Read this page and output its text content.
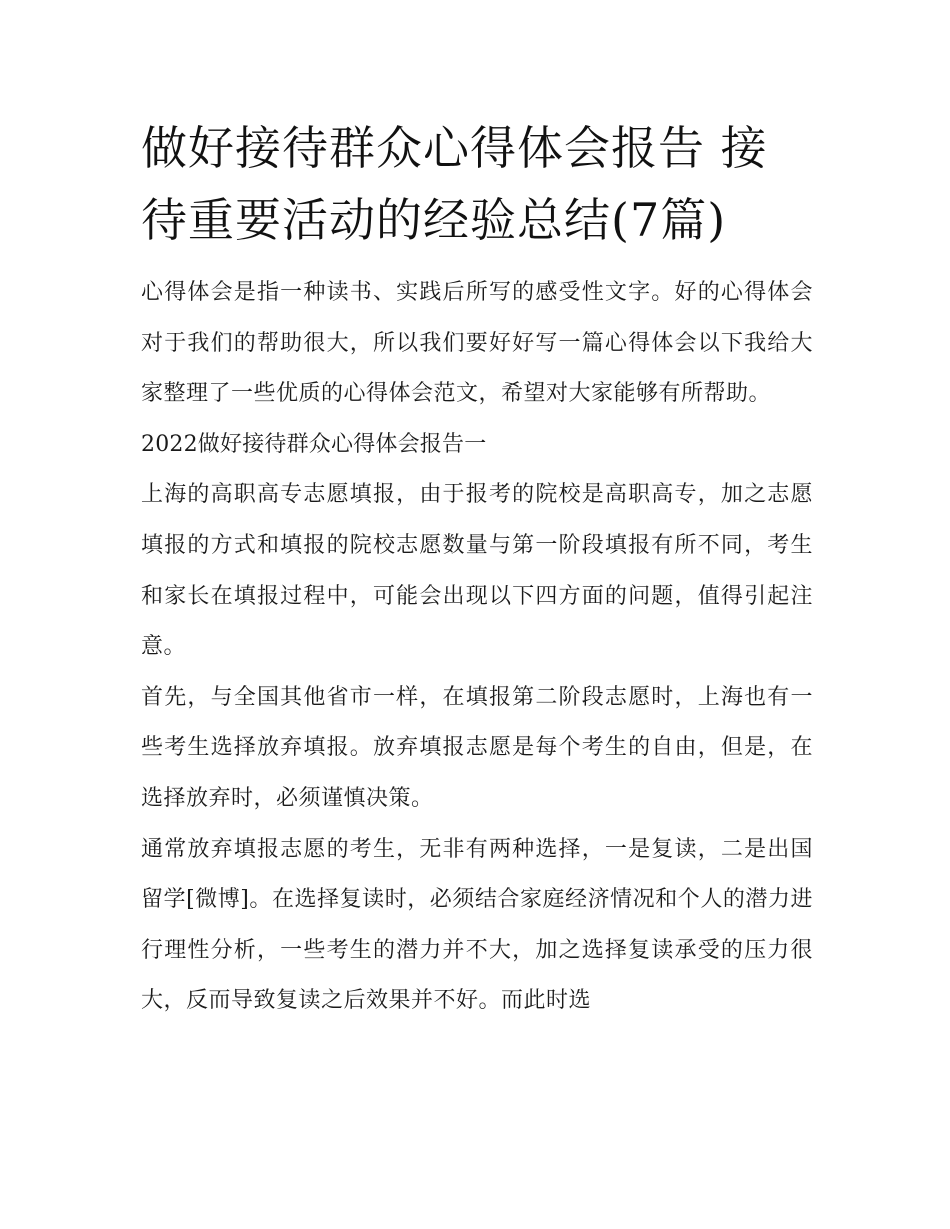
做好接待群众心得体会报告 接待重要活动的经验总结(7篇)

心得体会是指一种读书、实践后所写的感受性文字。好的心得体会对于我们的帮助很大，所以我们要好好写一篇心得体会以下我给大家整理了一些优质的心得体会范文，希望对大家能够有所帮助。

2022做好接待群众心得体会报告一

上海的高职高专志愿填报，由于报考的院校是高职高专，加之志愿填报的方式和填报的院校志愿数量与第一阶段填报有所不同，考生和家长在填报过程中，可能会出现以下四方面的问题，值得引起注意。

首先，与全国其他省市一样，在填报第二阶段志愿时，上海也有一些考生选择放弃填报。放弃填报志愿是每个考生的自由，但是，在选择放弃时，必须谨慎决策。

通常放弃填报志愿的考生，无非有两种选择，一是复读，二是出国留学[微博]。在选择复读时，必须结合家庭经济情况和个人的潜力进行理性分析，一些考生的潜力并不大，加之选择复读承受的压力很大，反而导致复读之后效果并不好。而此时选
